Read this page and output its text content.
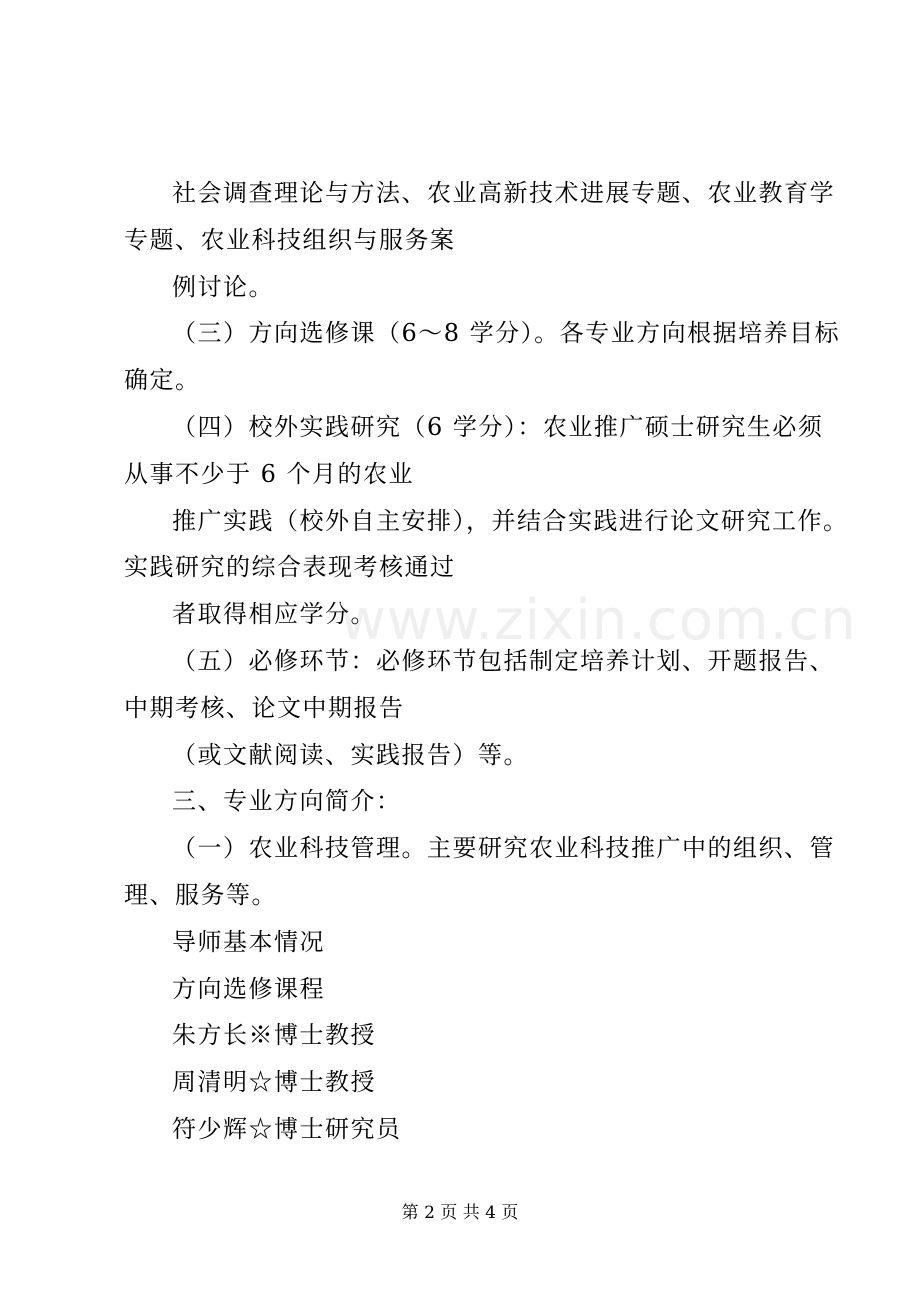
社会调查理论与方法、农业高新技术进展专题、农业教育学
专题、农业科技组织与服务案
例讨论。
（三）方向选修课（6～8 学分）。各专业方向根据培养目标
确定。
（四）校外实践研究（6 学分）：农业推广硕士研究生必须
从事不少于 6 个月的农业
推广实践（校外自主安排），并结合实践进行论文研究工作。
实践研究的综合表现考核通过
者取得相应学分。
（五）必修环节：必修环节包括制定培养计划、开题报告、
中期考核、论文中期报告
（或文献阅读、实践报告）等。
三、专业方向简介：
（一）农业科技管理。主要研究农业科技推广中的组织、管
理、服务等。
导师基本情况
方向选修课程
朱方长※博士教授
周清明☆博士教授
符少辉☆博士研究员
www.zixin.com.cn
第 2 页 共 4 页
